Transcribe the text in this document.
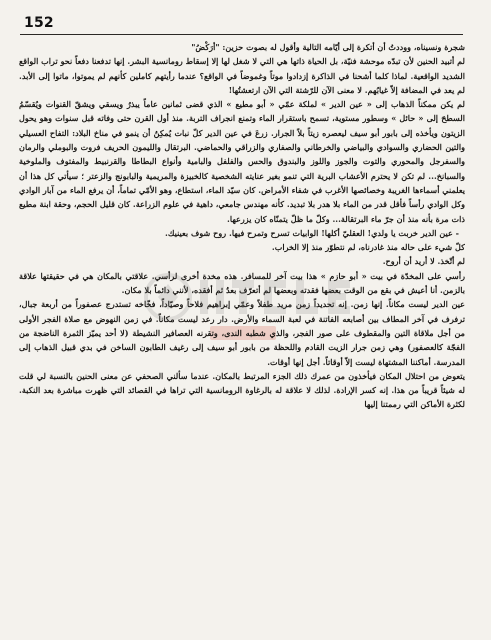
152

شجرة ونسيناه، ووددتُ أن أتكرة إلى أيّامه التالية وأقول له بصوت حزين: "أرَكْضُ"

لم أتبيد الحنين لأن تبدّه موحشة فنيّة، بل الحياة ذاتها هي التي لا شغل لها إلا إسقاط رومانسية البشر. إنها تدفعنا دفعاً نحو تراب الواقع الشديد الواقعية. لماذا كلما أشحنا في الذاكرة إزدادوا موتاً وغموضاً في الواقع؟ عندما رأيتهم كاملين كأنهم لم يموتوا، ماتوا إلى الأبد. لم يعد في المضافة إلاّ غيابُهم. لا معنى الآن للرّشتة التي الآن ارتعشتُها!

لم يكن ممكناً الذهاب إلى « عين الدير » لملكة عمّي « أبو مطيع » الذي قضى ثمانين عاماً يبذرُ ويسقي ويشقّ القنوات ويُقسّمُ السطحَ إلى « حائل » وسطور مستوية، تسمح باستقرار الماء وتمنع انجراف التربة. منذ أول القرن حتى وفاته قبل سنوات وهو يحول الزيتون ويأخذه إلى بابور أبو سيف ليعصره زيتاً بلاً الجرار. زرعَ في عين الدير كلّ نبات يُمكِنُ أن ينمو في مناخ البلاد: التفاح العسيلي والتين الحضاري والسوادي والبياضي والخرطاني والصفاري والزراقي والحماضي. البرتقال والليمون الحريف فروت والبوملي والرمان والسفرجل والمحوري والتوت والجوز واللوز والبندوق والحس والفلفل والبامية وأنواع البطاطا والقرنبيط والمفتوف والملوخية والسبانخ... لم تكن لا يحترم الأعشاب البرية التي تنمو بغير عنايته الشخصية كالخبيزة والمريمية والبابونج والزعتر ؛ سيأتي كل هذا أن يعلمني أسماءها الغريبة وخصائصها الأغرب في شفاء الأمراض. كان سيّد الماء، استطاع، وهو الأمّي تماماً، أن يرفع الماء من آبار الوادي وكل الوادي رأساً فأقل قدر من الماء بلا هدر بلا تبديد. كأنه مهندس جامعي، داهية في علوم الزراعة. كان قليل الحجم، وحقة ابنة مطيع ذات مرة بأنه منذ أن جرّ ماء البرتقالة... وكلّ ما ظلّ يتمنّاه كان يزرعها.

- عين الدير خربت يا ولدي! العقليّ أكلها! الوابيات تسرح وتمرح فيها. روح شوف بعينيك.

كلّ شيء على حاله منذ غادرناه، لم نتطوّر منذ إلا الخراب.

لم أتّخذ. لا أريد أن أروح.

رأسي على المخدّة في بيت « أبو حازم » هذا بيت آخر للمسافر. هذه مخدة أخرى لرأسي. علاقتي بالمكان هي في حقيقتها علاقة بالزمن. أنا أعيش في بقع من الوقت بعضها فقدته وبعضها لم أتعرّف بعدُ ثم أفقده، لأنني دائماً بلا مكان.

عين الدير ليست مكاناً. إنها زمن. إنه تحديداً زمن مريد طفلاً وعمّي إبراهيم فلاحاً وصيّاداً، فخّاخه تستدرج عصفوراً من أربعة جبال، ترفرف في آخر المطاف بين أصابعه الفاتنة في لعبة السماء والأرض. دار رعد ليست مكاناً. في زمن النهوض مع صلاة الفجر الأولى من أجل ملاقاة التين والمقطوف على صور الفجر، والذي شطبه الندى، وتقرنه العصافير النشيطة (لا أحد يميّز الثمرة الناضجة من الفجّة كالعصفور) وهي زمن جرار الزيت القادم واللحظة من بابور أبو سيف إلى رغيف الطابون الساخن في بدي قبيل الذهاب إلى المدرسة. أماكننا المشتهاة ليست إلاّ أوقاتاً. أجل إنها أوقات.

يتعوض من احتلال المكان فيأخذون من عمرك ذلك الجزء المرتبط بالمكان. عندما سألني الصحفي عن معنى الحنين بالنسبة لي قلت له شيئاً قريباً من هذا. إنه كسر الإرادة. لذلك لا علاقة له بالرغاوة الرومانسية التي تراها في القصائد التي ظهرت مباشرة بعد النكبة. لكثرة الأماكن التي رممتنا إليها
